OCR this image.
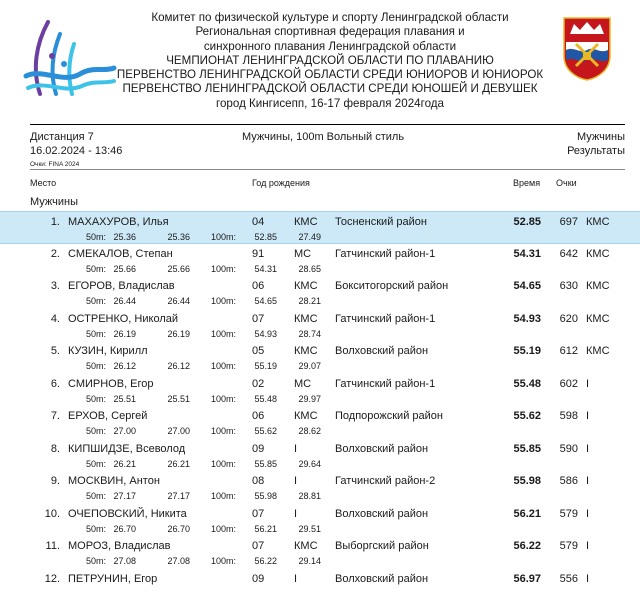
Комитет по физической культуре и спорту Ленинградской области
Региональная спортивная федерация плавания и
синхронного плавания Ленинградской области
ЧЕМПИОНАТ ЛЕНИНГРАДСКОЙ ОБЛАСТИ ПО ПЛАВАНИЮ
ПЕРВЕНСТВО ЛЕНИНГРАДСКОЙ ОБЛАСТИ СРЕДИ ЮНИОРОВ И ЮНИОРОК
ПЕРВЕНСТВО ЛЕНИНГРАДСКОЙ ОБЛАСТИ СРЕДИ ЮНОШЕЙ И ДЕВУШЕК
город Кингисепп, 16-17 февраля 2024года
Дистанция 7
16.02.2024 - 13:46
Очки: FINA 2024
Мужчины, 100m Вольный стиль	Мужчины
Результаты
Место	Год рождения	Время Очки
Мужчины
1. МАХАХУРОВ, Илья	04	КМС Тосненский район	52.85 697 КМС
50m: 25.36	25.36	100m:	52.85	27.49
2. СМЕКАЛОВ, Степан	91	МС Гатчинский район-1	54.31 642 КМС
50m: 25.66	25.66	100m:	54.31	28.65
3. ЕГОРОВ, Владислав	06	КМС Бокситогорский район	54.65 630 КМС
50m: 26.44	26.44	100m:	54.65	28.21
4. ОСТРЕНКО, Николай	07	КМС Гатчинский район-1	54.93 620 КМС
50m: 26.19	26.19	100m:	54.93	28.74
5. КУЗИН, Кирилл	05	КМС Волховский район	55.19 612 КМС
50m: 26.12	26.12	100m:	55.19	29.07
6. СМИРНОВ, Егор	02	МС Гатчинский район-1	55.48 602 I
50m: 25.51	25.51	100m:	55.48	29.97
7. ЕРХОВ, Сергей	06	КМС Подпорожский район	55.62 598 I
50m: 27.00	27.00	100m:	55.62	28.62
8. КИПШИДЗЕ, Всеволод	09	I	Волховский район	55.85 590 I
50m: 26.21	26.21	100m:	55.85	29.64
9. МОСКВИН, Антон	08	I	Гатчинский район-2	55.98 586 I
50m: 27.17	27.17	100m:	55.98	28.81
10. ОЧЕПОВСКИЙ, Никита	07	I	Волховский район	56.21 579 I
50m: 26.70	26.70	100m:	56.21	29.51
11. МОРОЗ, Владислав	07	КМС Выборгский район	56.22 579 I
50m: 27.08	27.08	100m:	56.22	29.14
12. ПЕТРУНИН, Егор	09	I	Волховский район	56.97 556 I
